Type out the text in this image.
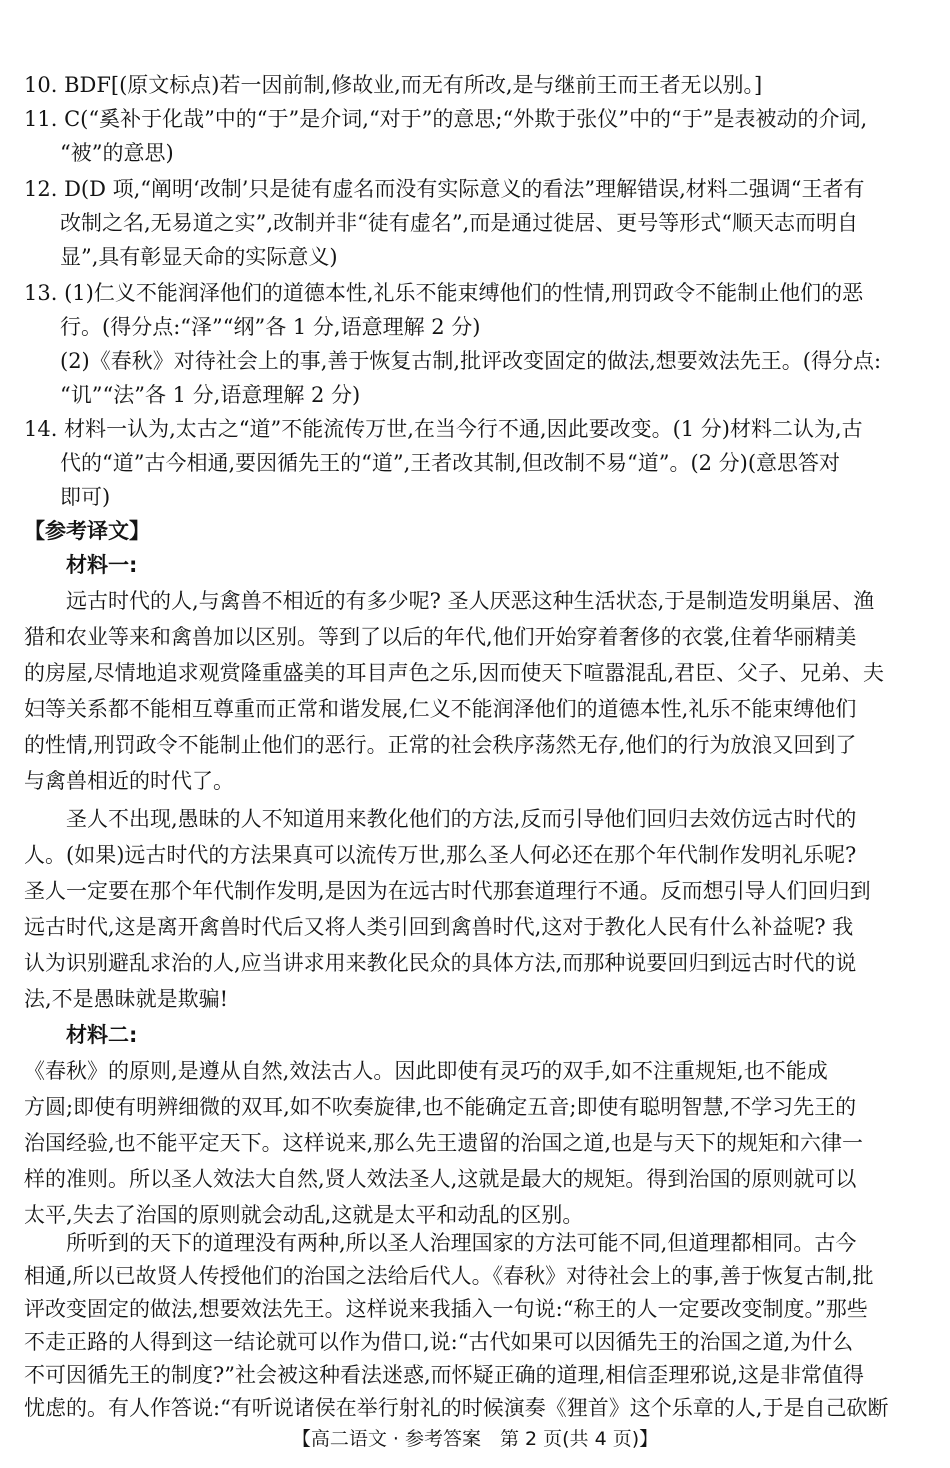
10. BDF[(原文标点)若一因前制,修故业,而无有所改,是与继前王而王者无以别。]
11. C(“奚补于化哉”中的“于”是介词,“对于”的意思;“外欺于张仪”中的“于”是表被动的介词,
“被”的意思)
12. D(D 项,“阐明‘改制’只是徒有虚名而没有实际意义的看法”理解错误,材料二强调“王者有
改制之名,无易道之实”,改制并非“徒有虚名”,而是通过徙居、更号等形式“顺天志而明自
显”,具有彰显天命的实际意义)
13. (1)仁义不能润泽他们的道德本性,礼乐不能束缚他们的性情,刑罚政令不能制止他们的恶
行。(得分点:“泽”“纲”各 1 分,语意理解 2 分)
(2)《春秋》对待社会上的事,善于恢复古制,批评改变固定的做法,想要效法先王。(得分点:
“讥”“法”各 1 分,语意理解 2 分)
14. 材料一认为,太古之“道”不能流传万世,在当今行不通,因此要改变。(1 分)材料二认为,古
代的“道”古今相通,要因循先王的“道”,王者改其制,但改制不易“道”。(2 分)(意思答对
即可)
【参考译文】
材料一:
远古时代的人,与禽兽不相近的有多少呢? 圣人厌恶这种生活状态,于是制造发明巢居、渔
猎和农业等来和禽兽加以区别。等到了以后的年代,他们开始穿着奢侈的衣裳,住着华丽精美
的房屋,尽情地追求观赏隆重盛美的耳目声色之乐,因而使天下喧嚣混乱,君臣、父子、兄弟、夫
妇等关系都不能相互尊重而正常和谐发展,仁义不能润泽他们的道德本性,礼乐不能束缚他们
的性情,刑罚政令不能制止他们的恶行。正常的社会秩序荡然无存,他们的行为放浪又回到了
与禽兽相近的时代了。
圣人不出现,愚昧的人不知道用来教化他们的方法,反而引导他们回归去效仿远古时代的
人。(如果)远古时代的方法果真可以流传万世,那么圣人何必还在那个年代制作发明礼乐呢?
圣人一定要在那个年代制作发明,是因为在远古时代那套道理行不通。反而想引导人们回归到
远古时代,这是离开禽兽时代后又将人类引回到禽兽时代,这对于教化人民有什么补益呢? 我
认为识别避乱求治的人,应当讲求用来教化民众的具体方法,而那种说要回归到远古时代的说
法,不是愚昧就是欺骗!
材料二:
《春秋》的原则,是遵从自然,效法古人。因此即使有灵巧的双手,如不注重规矩,也不能成
方圆;即使有明辨细微的双耳,如不吹奏旋律,也不能确定五音;即使有聪明智慧,不学习先王的
治国经验,也不能平定天下。这样说来,那么先王遗留的治国之道,也是与天下的规矩和六律一
样的准则。所以圣人效法大自然,贤人效法圣人,这就是最大的规矩。得到治国的原则就可以
太平,失去了治国的原则就会动乱,这就是太平和动乱的区别。
所听到的天下的道理没有两种,所以圣人治理国家的方法可能不同,但道理都相同。古今
相通,所以已故贤人传授他们的治国之法给后代人。《春秋》对待社会上的事,善于恢复古制,批
评改变固定的做法,想要效法先王。这样说来我插入一句说:“称王的人一定要改变制度。”那些
不走正路的人得到这一结论就可以作为借口,说:“古代如果可以因循先王的治国之道,为什么
不可因循先王的制度?”社会被这种看法迷惑,而怀疑正确的道理,相信歪理邪说,这是非常值得
【高二语文 · 参考答案　第 2 页(共 4 页)】
忧虑的。有人作答说:“有听说诸侯在举行射礼的时候演奏《狸首》这个乐章的人,于是自己砍断
